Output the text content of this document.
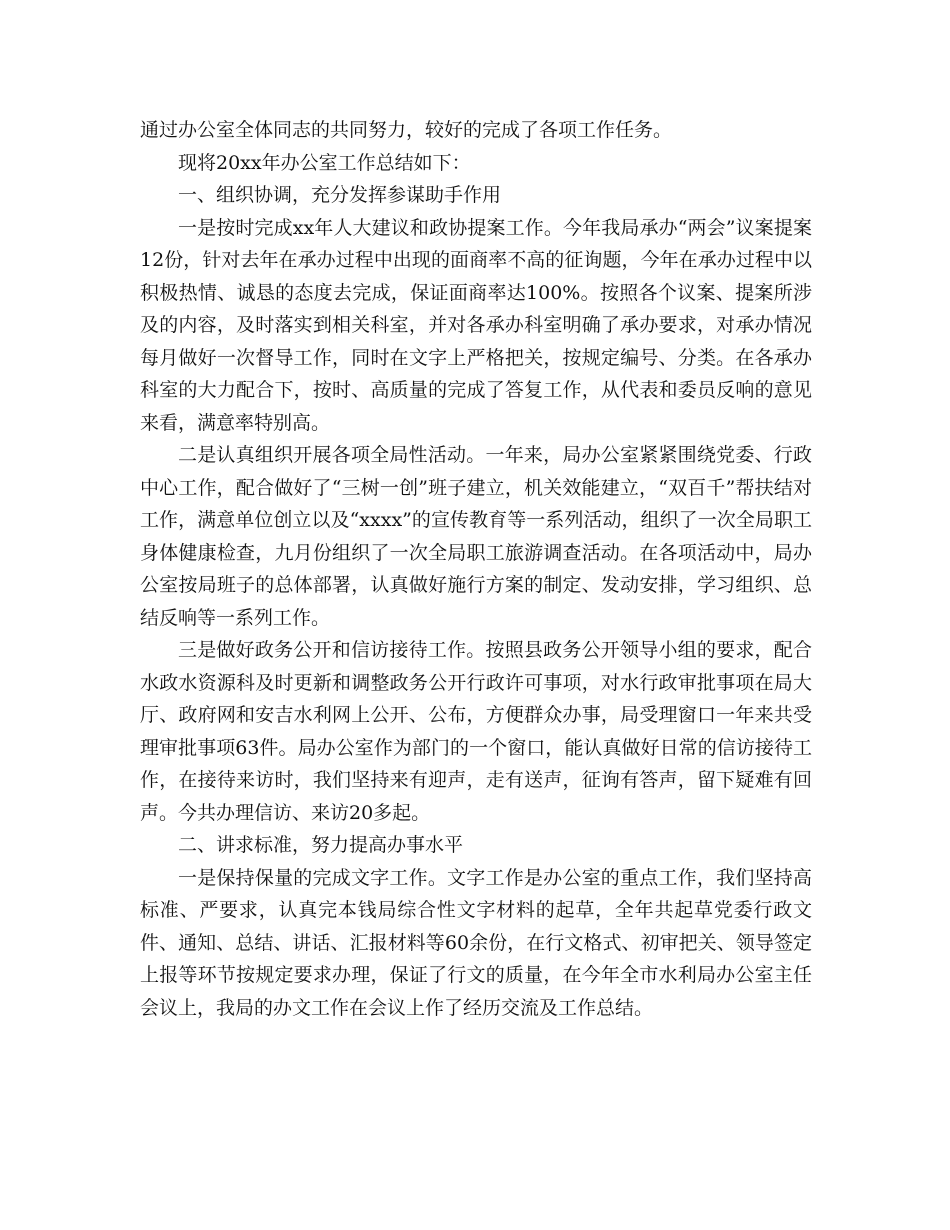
通过办公室全体同志的共同努力，较好的完成了各项工作任务。

现将20xx年办公室工作总结如下：

一、组织协调，充分发挥参谋助手作用

一是按时完成xx年人大建议和政协提案工作。今年我局承办“两会”议案提案12份，针对去年在承办过程中出现的面商率不高的征询题，今年在承办过程中以积极热情、诚恳的态度去完成，保证面商率达100%。按照各个议案、提案所涉及的内容，及时落实到相关科室，并对各承办科室明确了承办要求，对承办情况每月做好一次督导工作，同时在文字上严格把关，按规定编号、分类。在各承办科室的大力配合下，按时、高质量的完成了答复工作，从代表和委员反响的意见来看，满意率特别高。

二是认真组织开展各项全局性活动。一年来，局办公室紧紧围绕党委、行政中心工作，配合做好了“三树一创”班子建立，机关效能建立，“双百千”帮扶结对工作，满意单位创立以及“xxxx”的宣传教育等一系列活动，组织了一次全局职工身体健康检查，九月份组织了一次全局职工旅游调查活动。在各项活动中，局办公室按局班子的总体部署，认真做好施行方案的制定、发动安排，学习组织、总结反响等一系列工作。

三是做好政务公开和信访接待工作。按照县政务公开领导小组的要求，配合水政水资源科及时更新和调整政务公开行政许可事项，对水行政审批事项在局大厅、政府网和安吉水利网上公开、公布，方便群众办事，局受理窗口一年来共受理审批事项63件。局办公室作为部门的一个窗口，能认真做好日常的信访接待工作，在接待来访时，我们坚持来有迎声，走有送声，征询有答声，留下疑难有回声。今共办理信访、来访20多起。

二、讲求标准，努力提高办事水平

一是保持保量的完成文字工作。文字工作是办公室的重点工作，我们坚持高标准、严要求，认真完本钱局综合性文字材料的起草，全年共起草党委行政文件、通知、总结、讲话、汇报材料等60余份，在行文格式、初审把关、领导签定上报等环节按规定要求办理，保证了行文的质量，在今年全市水利局办公室主任会议上，我局的办文工作在会议上作了经历交流及工作总结。
